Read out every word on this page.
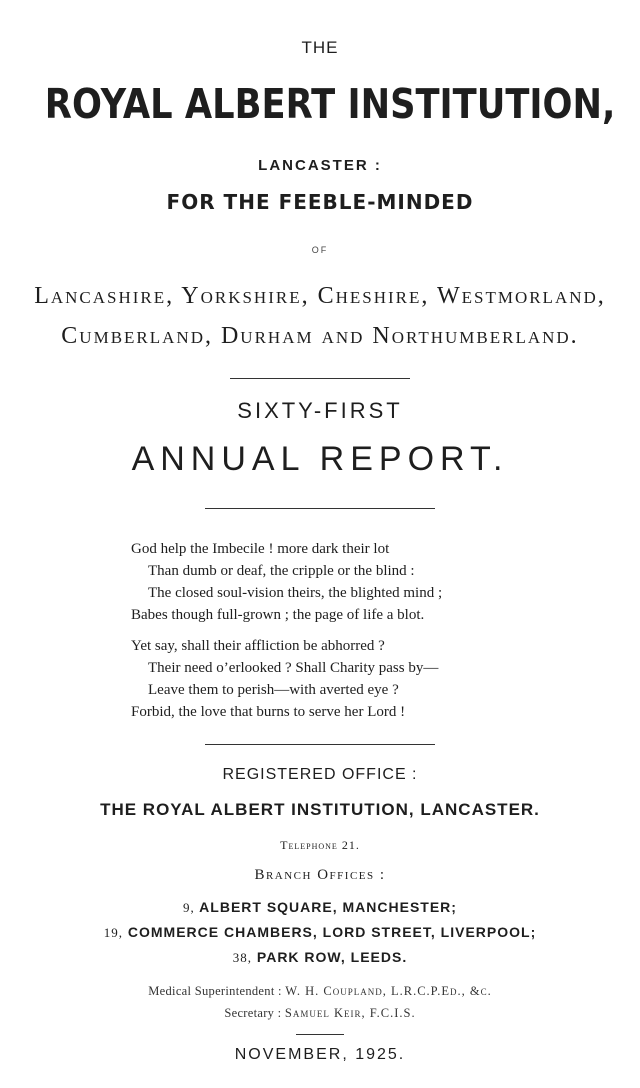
THE
ROYAL ALBERT INSTITUTION,
LANCASTER :
FOR THE FEEBLE-MINDED
OF
Lancashire, Yorkshire, Cheshire, Westmorland,
Cumberland, Durham and Northumberland.
SIXTY-FIRST
ANNUAL REPORT.
God help the Imbecile ! more dark their lot
Than dumb or deaf, the cripple or the blind :
The closed soul-vision theirs, the blighted mind ;
Babes though full-grown ; the page of life a blot.
Yet say, shall their affliction be abhorred ?
Their need o’erlooked ? Shall Charity pass by—
Leave them to perish—with averted eye ?
Forbid, the love that burns to serve her Lord !
REGISTERED OFFICE :
THE ROYAL ALBERT INSTITUTION, LANCASTER.
Telephone 21.
Branch Offices :
9, ALBERT SQUARE, MANCHESTER;
19, COMMERCE CHAMBERS, LORD STREET, LIVERPOOL;
38, PARK ROW, LEEDS.
Medical Superintendent : W. H. Coupland, L.R.C.P.Ed., &c.
Secretary : Samuel Keir, F.C.I.S.
NOVEMBER, 1925.
